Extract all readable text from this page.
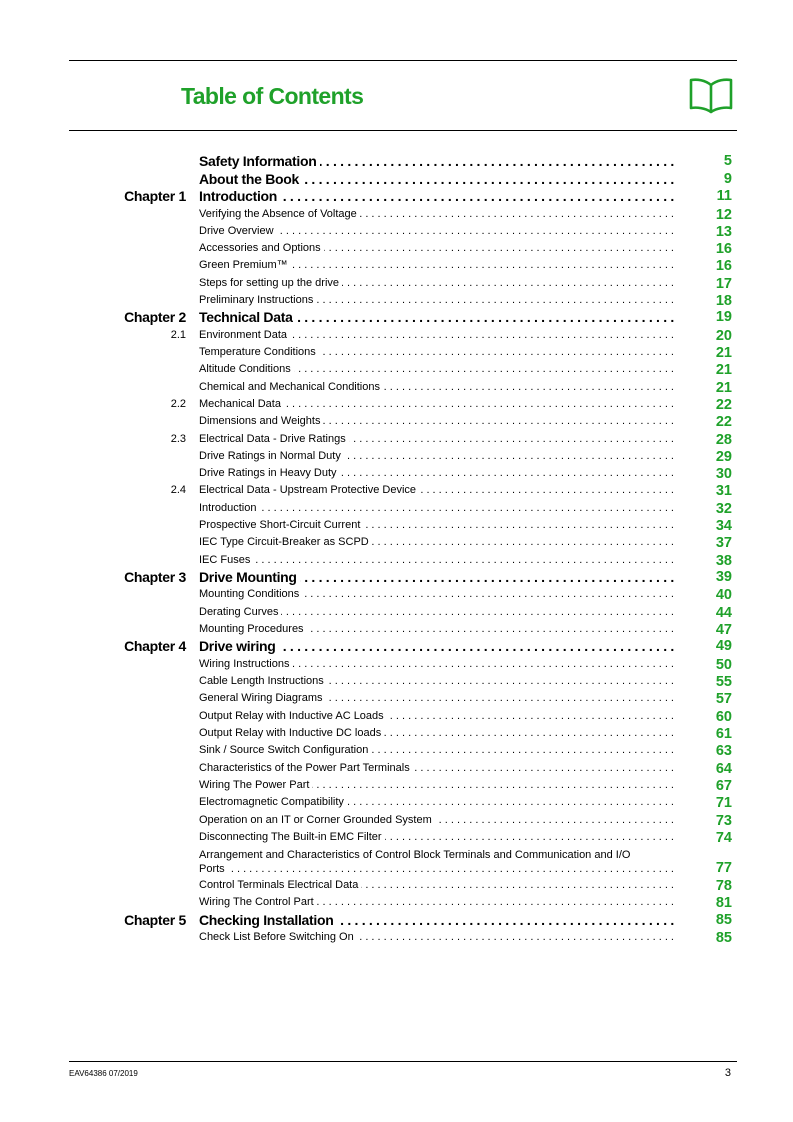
Table of Contents
Safety Information . . .	5
About the Book . . .	9
Chapter 1 Introduction . . .	11
Verifying the Absence of Voltage . . .	12
Drive Overview . . .	13
Accessories and Options . . .	16
Green Premium™ . . .	16
Steps for setting up the drive . . .	17
Preliminary Instructions . . .	18
Chapter 2 Technical Data . . .	19
2.1 Environment Data . . .	20
Temperature Conditions . . .	21
Altitude Conditions . . .	21
Chemical and Mechanical Conditions . . .	21
2.2 Mechanical Data . . .	22
Dimensions and Weights . . .	22
2.3 Electrical Data - Drive Ratings . . .	28
Drive Ratings in Normal Duty . . .	29
Drive Ratings in Heavy Duty . . .	30
2.4 Electrical Data - Upstream Protective Device . . .	31
Introduction . . .	32
Prospective Short-Circuit Current . . .	34
IEC Type Circuit-Breaker as SCPD . . .	37
IEC Fuses . . .	38
Chapter 3 Drive Mounting . . .	39
Mounting Conditions . . .	40
Derating Curves . . .	44
Mounting Procedures . . .	47
Chapter 4 Drive wiring . . .	49
Wiring Instructions . . .	50
Cable Length Instructions . . .	55
General Wiring Diagrams . . .	57
Output Relay with Inductive AC Loads . . .	60
Output Relay with Inductive DC loads . . .	61
Sink / Source Switch Configuration . . .	63
Characteristics of the Power Part Terminals . . .	64
Wiring The Power Part . . .	67
Electromagnetic Compatibility . . .	71
Operation on an IT or Corner Grounded System . . .	73
Disconnecting The Built-in EMC Filter . . .	74
Arrangement and Characteristics of Control Block Terminals and Communication and I/O
Ports . . .	77
Control Terminals Electrical Data . . .	78
Wiring The Control Part . . .	81
Chapter 5 Checking Installation . . .	85
Check List Before Switching On . . .	85
EAV64386 07/2019	3
